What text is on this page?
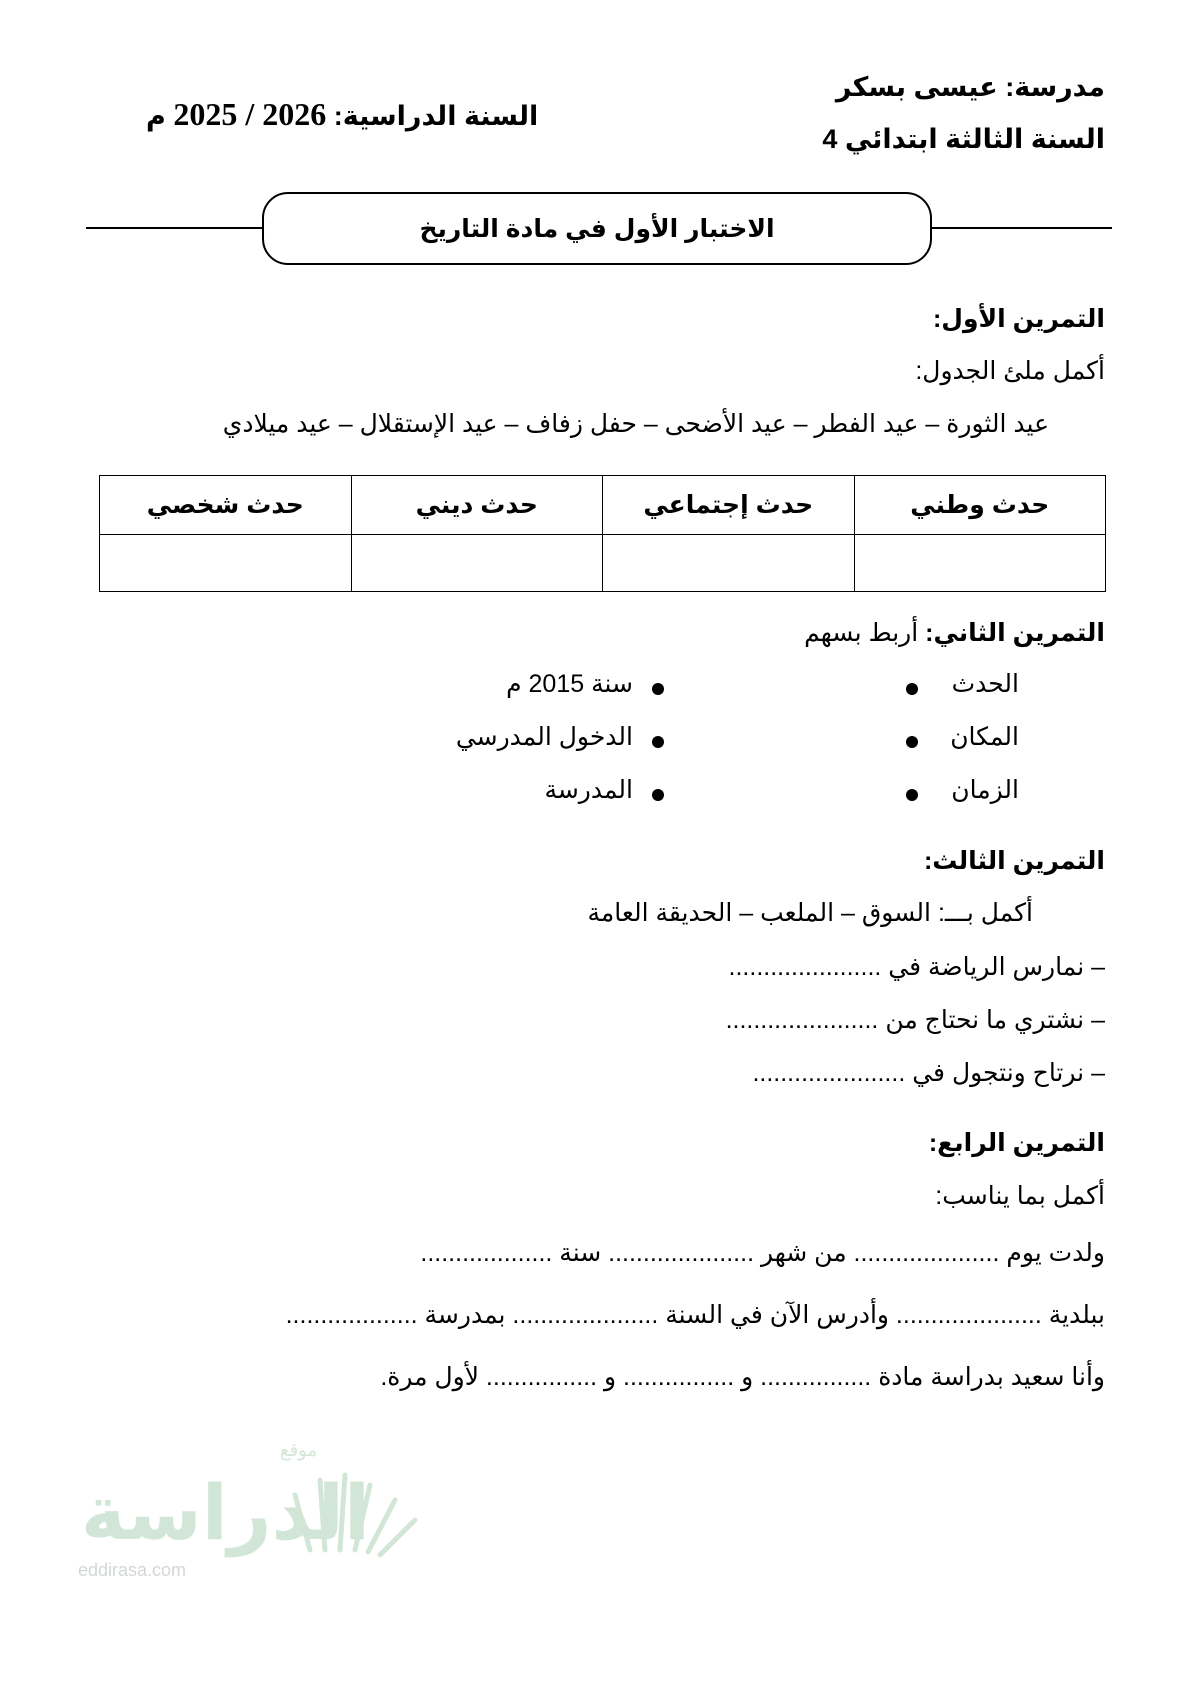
مدرسة: عيسى بسكر
السنة الثالثة ابتدائي 4
السنة الدراسية: 2025 / 2026 م
الاختبار الأول في مادة التاريخ
التمرين الأول:
أكمل ملئ الجدول:
عيد الثورة – عيد الفطر – عيد الأضحى – حفل زفاف – عيد الإستقلال – عيد ميلادي
حدث وطني	حدث إجتماعي	حدث ديني	حدث شخصي

التمرين الثاني: أربط بسهم
الحدث
المكان
الزمان
سنة 2015 م
الدخول المدرسي
المدرسة
التمرين الثالث:
أكمل بـــ: السوق – الملعب – الحديقة العامة
– نمارس الرياضة في ......................
– نشتري ما نحتاج من ......................
– نرتاح ونتجول في ......................
التمرين الرابع:
أكمل بما يناسب:
ولدت يوم ..................... من شهر ..................... سنة ...................
ببلدية ..................... وأدرس الآن في السنة ..................... بمدرسة ...................
وأنا سعيد بدراسة مادة ................ و ................ و ................ لأول مرة.
الدراسة
موقع
eddirasa.com
